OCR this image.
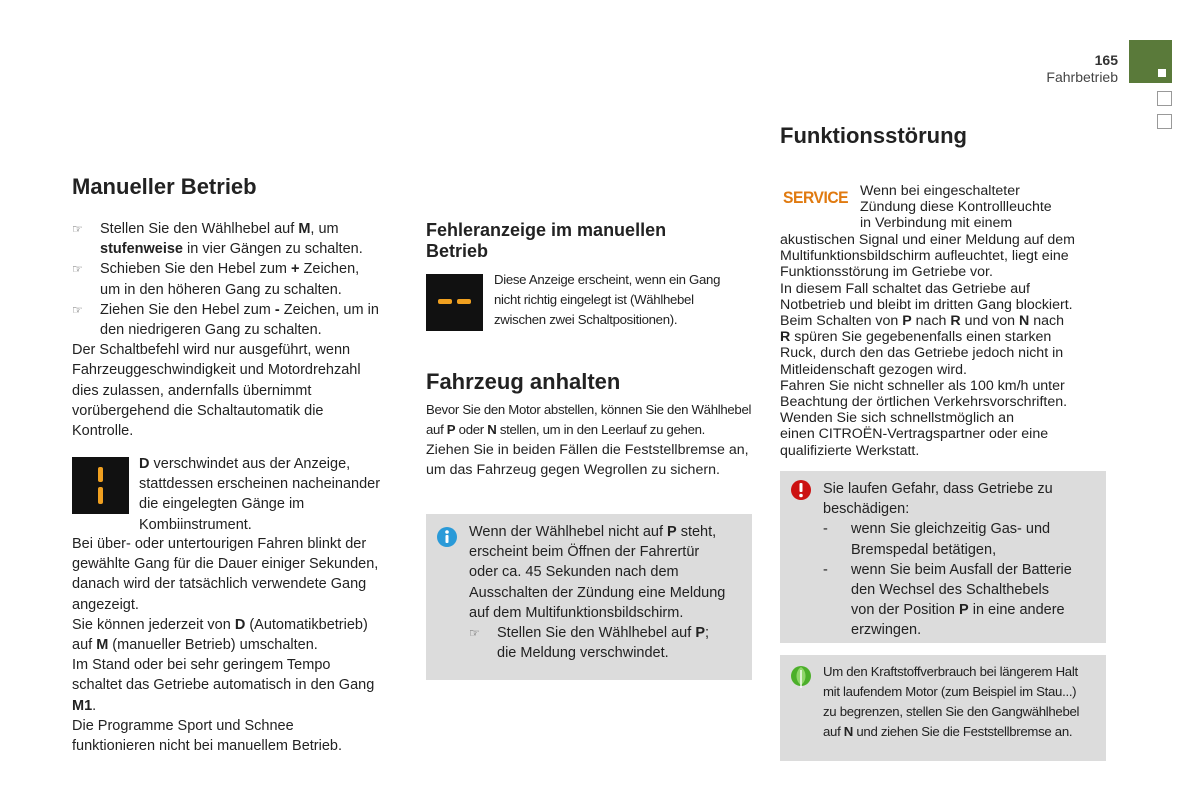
165
Fahrbetrieb
Manueller Betrieb
☞ Stellen Sie den Wählhebel auf M, um
stufenweise in vier Gängen zu schalten.
☞ Schieben Sie den Hebel zum + Zeichen,
um in den höheren Gang zu schalten.
☞ Ziehen Sie den Hebel zum - Zeichen, um in
den niedrigeren Gang zu schalten.

Der Schaltbefehl wird nur ausgeführt, wenn
Fahrzeuggeschwindigkeit und Motordrehzahl
dies zulassen, andernfalls übernimmt
vorübergehend die Schaltautomatik die
Kontrolle.

D verschwindet aus der Anzeige,
stattdessen erscheinen nacheinander
die eingelegten Gänge im
Kombiinstrument.

Bei über- oder untertourigen Fahren blinkt der
gewählte Gang für die Dauer einiger Sekunden,
danach wird der tatsächlich verwendete Gang
angezeigt.

Sie können jederzeit von D (Automatikbetrieb)
auf M (manueller Betrieb) umschalten.

Im Stand oder bei sehr geringem Tempo
schaltet das Getriebe automatisch in den Gang
M1.

Die Programme Sport und Schnee
funktionieren nicht bei manuellem Betrieb.

Fehleranzeige im manuellen
Betrieb
Diese Anzeige erscheint, wenn ein Gang
nicht richtig eingelegt ist (Wählhebel
zwischen zwei Schaltpositionen).
Fahrzeug anhalten
Bevor Sie den Motor abstellen, können Sie den Wählhebel
auf P oder N stellen, um in den Leerlauf zu gehen.
Ziehen Sie in beiden Fällen die Feststellbremse an,
um das Fahrzeug gegen Wegrollen zu sichern.
Wenn der Wählhebel nicht auf P steht,
erscheint beim Öffnen der Fahrertür
oder ca. 45 Sekunden nach dem
Ausschalten der Zündung eine Meldung
auf dem Multifunktionsbildschirm.
☞ Stellen Sie den Wählhebel auf P;
die Meldung verschwindet.
Funktionsstörung
SERVICE Wenn bei eingeschalteter
Zündung diese Kontrollleuchte
in Verbindung mit einem
akustischen Signal und einer Meldung auf dem
Multifunktionsbildschirm aufleuchtet, liegt eine
Funktionsstörung im Getriebe vor.
In diesem Fall schaltet das Getriebe auf
Notbetrieb und bleibt im dritten Gang blockiert.
Beim Schalten von P nach R und von N nach
R spüren Sie gegebenenfalls einen starken
Ruck, durch den das Getriebe jedoch nicht in
Mitleidenschaft gezogen wird.
Fahren Sie nicht schneller als 100 km/h unter
Beachtung der örtlichen Verkehrsvorschriften.
Wenden Sie sich schnellstmöglich an
einen CITROËN-Vertragspartner oder eine
qualifizierte Werkstatt.
Sie laufen Gefahr, dass Getriebe zu
beschädigen:
- wenn Sie gleichzeitig Gas- und
Bremspedal betätigen,
- wenn Sie beim Ausfall der Batterie
den Wechsel des Schalthebels
von der Position P in eine andere
erzwingen.
Um den Kraftstoffverbrauch bei längerem Halt
mit laufendem Motor (zum Beispiel im Stau...)
zu begrenzen, stellen Sie den Gangwählhebel
auf N und ziehen Sie die Feststellbremse an.
